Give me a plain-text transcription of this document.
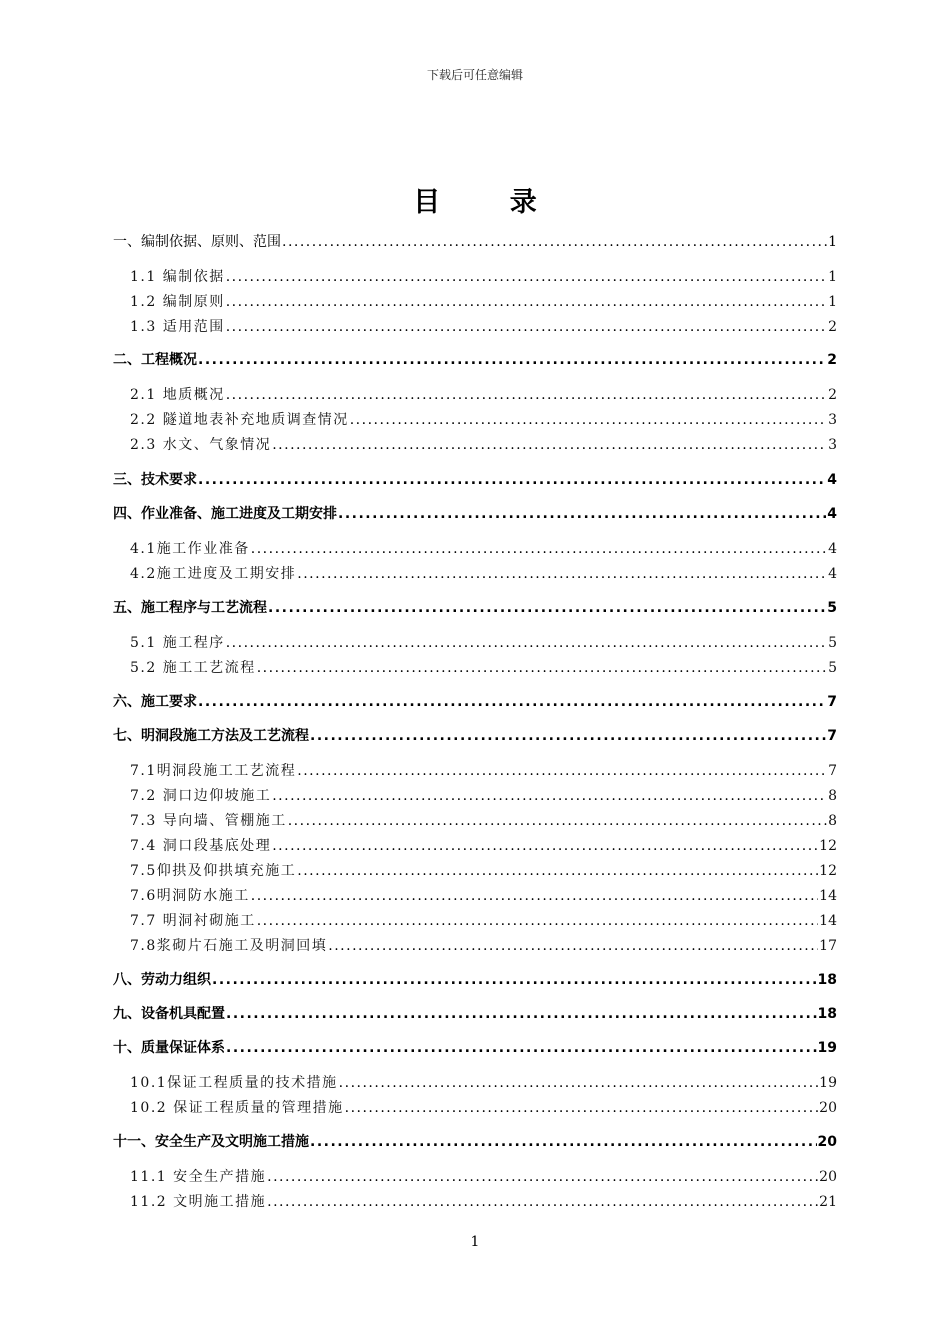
下载后可任意编辑
目 录
一、编制依据、原则、范围 .....	1
1.1 编制依据 .....	1
1.2 编制原则 .....	1
1.3 适用范围 .....	2
二、工程概况 .....	2
2.1 地质概况 .....	2
2.2 隧道地表补充地质调查情况 .....	3
2.3 水文、气象情况 .....	3
三、技术要求 .....	4
四、作业准备、施工进度及工期安排 .....	4
4.1施工作业准备 .....	4
4.2施工进度及工期安排 .....	4
五、施工程序与工艺流程 .....	5
5.1 施工程序 .....	5
5.2 施工工艺流程 .....	5
六、施工要求 .....	7
七、明洞段施工方法及工艺流程 .....	7
7.1明洞段施工工艺流程 .....	7
7.2 洞口边仰坡施工 .....	8
7.3 导向墙、管棚施工 .....	8
7.4 洞口段基底处理 .....	12
7.5仰拱及仰拱填充施工 .....	12
7.6明洞防水施工 .....	14
7.7 明洞衬砌施工 .....	14
7.8浆砌片石施工及明洞回填 .....	17
八、劳动力组织 .....	18
九、设备机具配置 .....	18
十、质量保证体系 .....	19
10.1保证工程质量的技术措施 .....	19
10.2 保证工程质量的管理措施 .....	20
十一、安全生产及文明施工措施 .....	20
11.1 安全生产措施 .....	20
11.2 文明施工措施 .....	21
1
